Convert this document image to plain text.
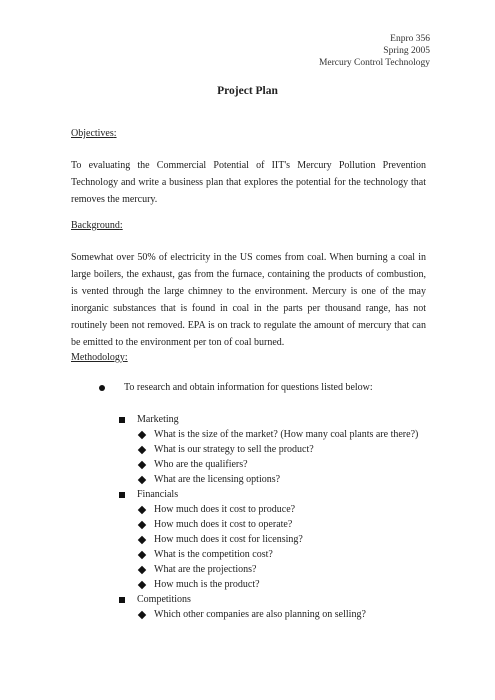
Enpro 356
Spring 2005
Mercury Control Technology
Project Plan
Objectives:
To evaluating the Commercial Potential of IIT's Mercury Pollution Prevention Technology and write a business plan that explores the potential for the technology that removes the mercury.
Background:
Somewhat over 50% of electricity in the US comes from coal. When burning a coal in large boilers, the exhaust, gas from the furnace, containing the products of combustion, is vented through the large chimney to the environment. Mercury is one of the may inorganic substances that is found in coal in the parts per thousand range, has not routinely been not removed. EPA is on track to regulate the amount of mercury that can be emitted to the environment per ton of coal burned.
Methodology:
To research and obtain information for questions listed below:
Marketing
What is the size of the market? (How many coal plants are there?)
What is our strategy to sell the product?
Who are the qualifiers?
What are the licensing options?
Financials
How much does it cost to produce?
How much does it cost to operate?
How much does it cost for licensing?
What is the competition cost?
What are the projections?
How much is the product?
Competitions
Which other companies are also planning on selling?
